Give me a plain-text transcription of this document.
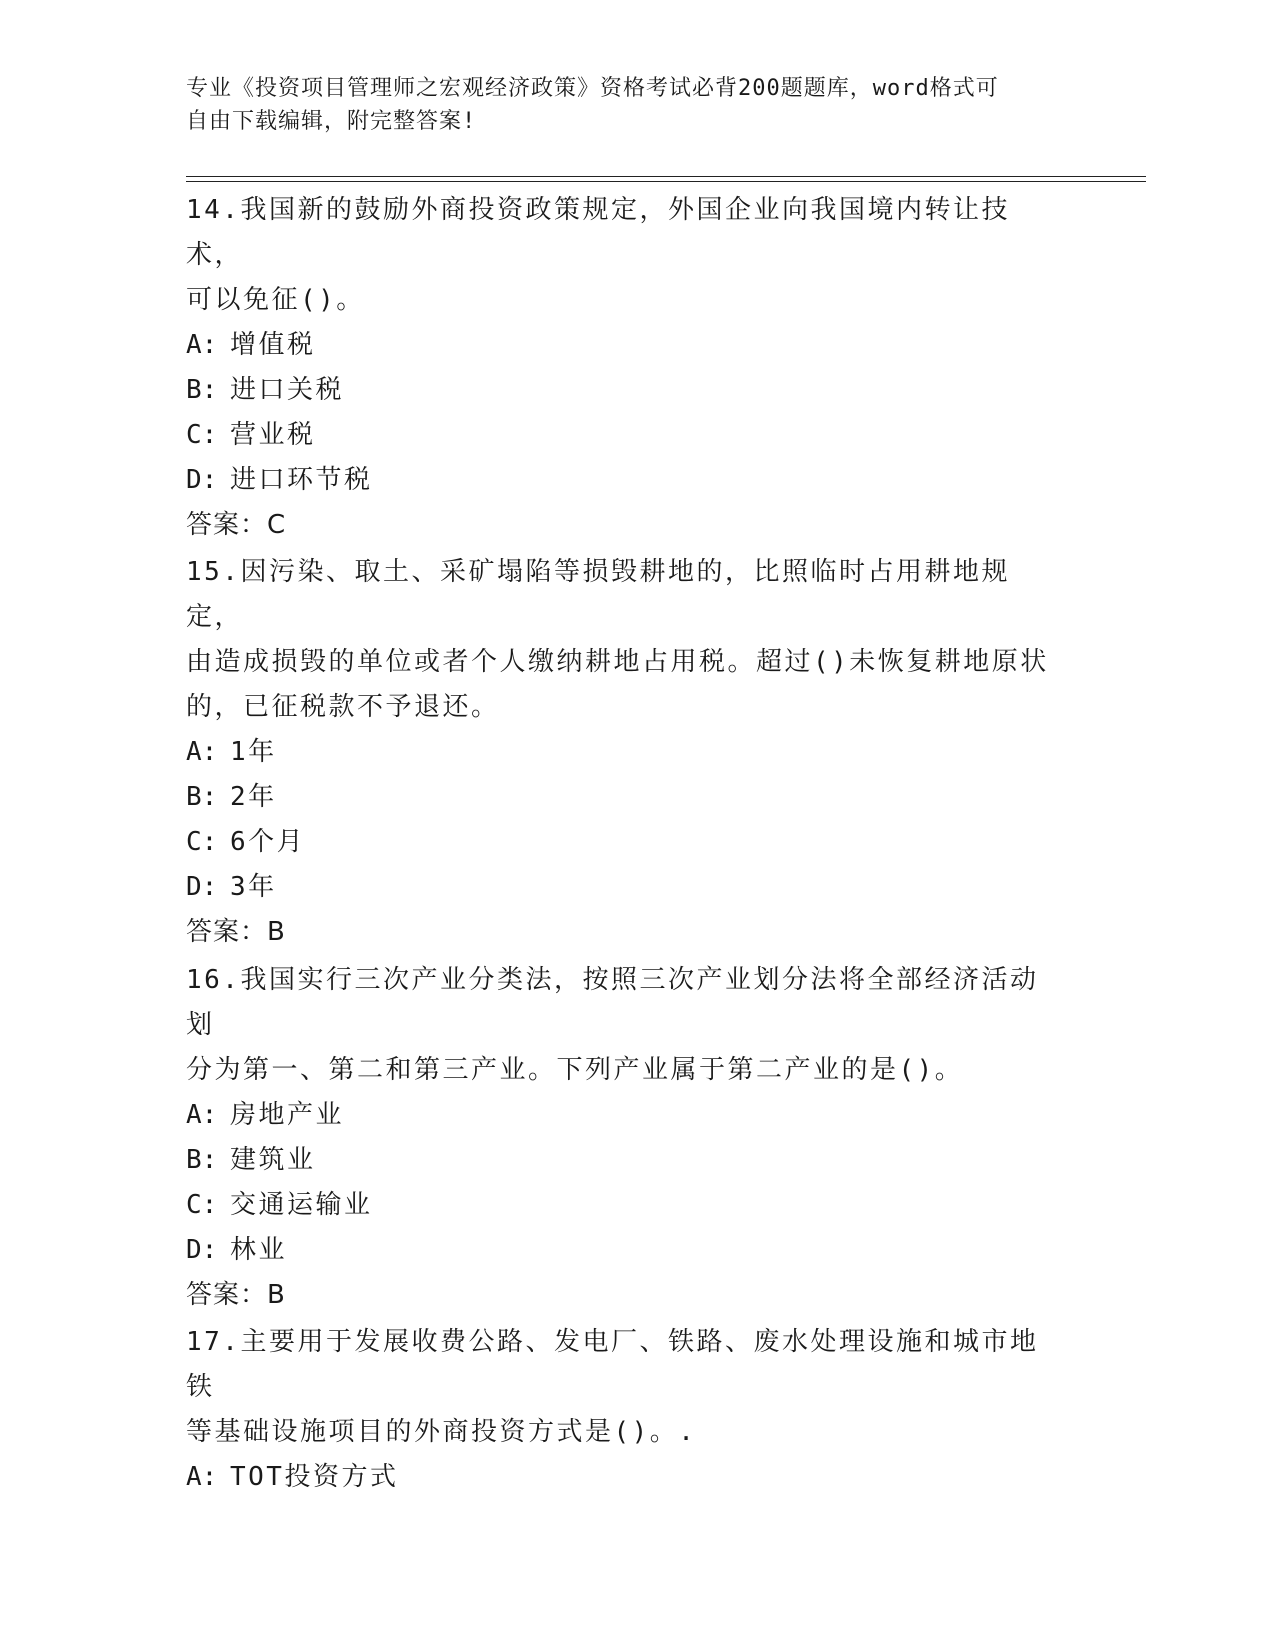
专业《投资项目管理师之宏观经济政策》资格考试必背200题题库，word格式可
自由下载编辑，附完整答案!

14.我国新的鼓励外商投资政策规定，外国企业向我国境内转让技术，

可以免征()。

A: 增值税

B: 进口关税

C: 营业税

D: 进口环节税

答案：C

15.因污染、取土、采矿塌陷等损毁耕地的，比照临时占用耕地规定，

由造成损毁的单位或者个人缴纳耕地占用税。超过()未恢复耕地原状

的，已征税款不予退还。

A: 1年

B: 2年

C: 6个月

D: 3年

答案：B

16.我国实行三次产业分类法，按照三次产业划分法将全部经济活动划

分为第一、第二和第三产业。下列产业属于第二产业的是()。

A: 房地产业

B: 建筑业

C: 交通运输业

D: 林业

答案：B

17.主要用于发展收费公路、发电厂、铁路、废水处理设施和城市地铁

等基础设施项目的外商投资方式是()。.

A: TOT投资方式
